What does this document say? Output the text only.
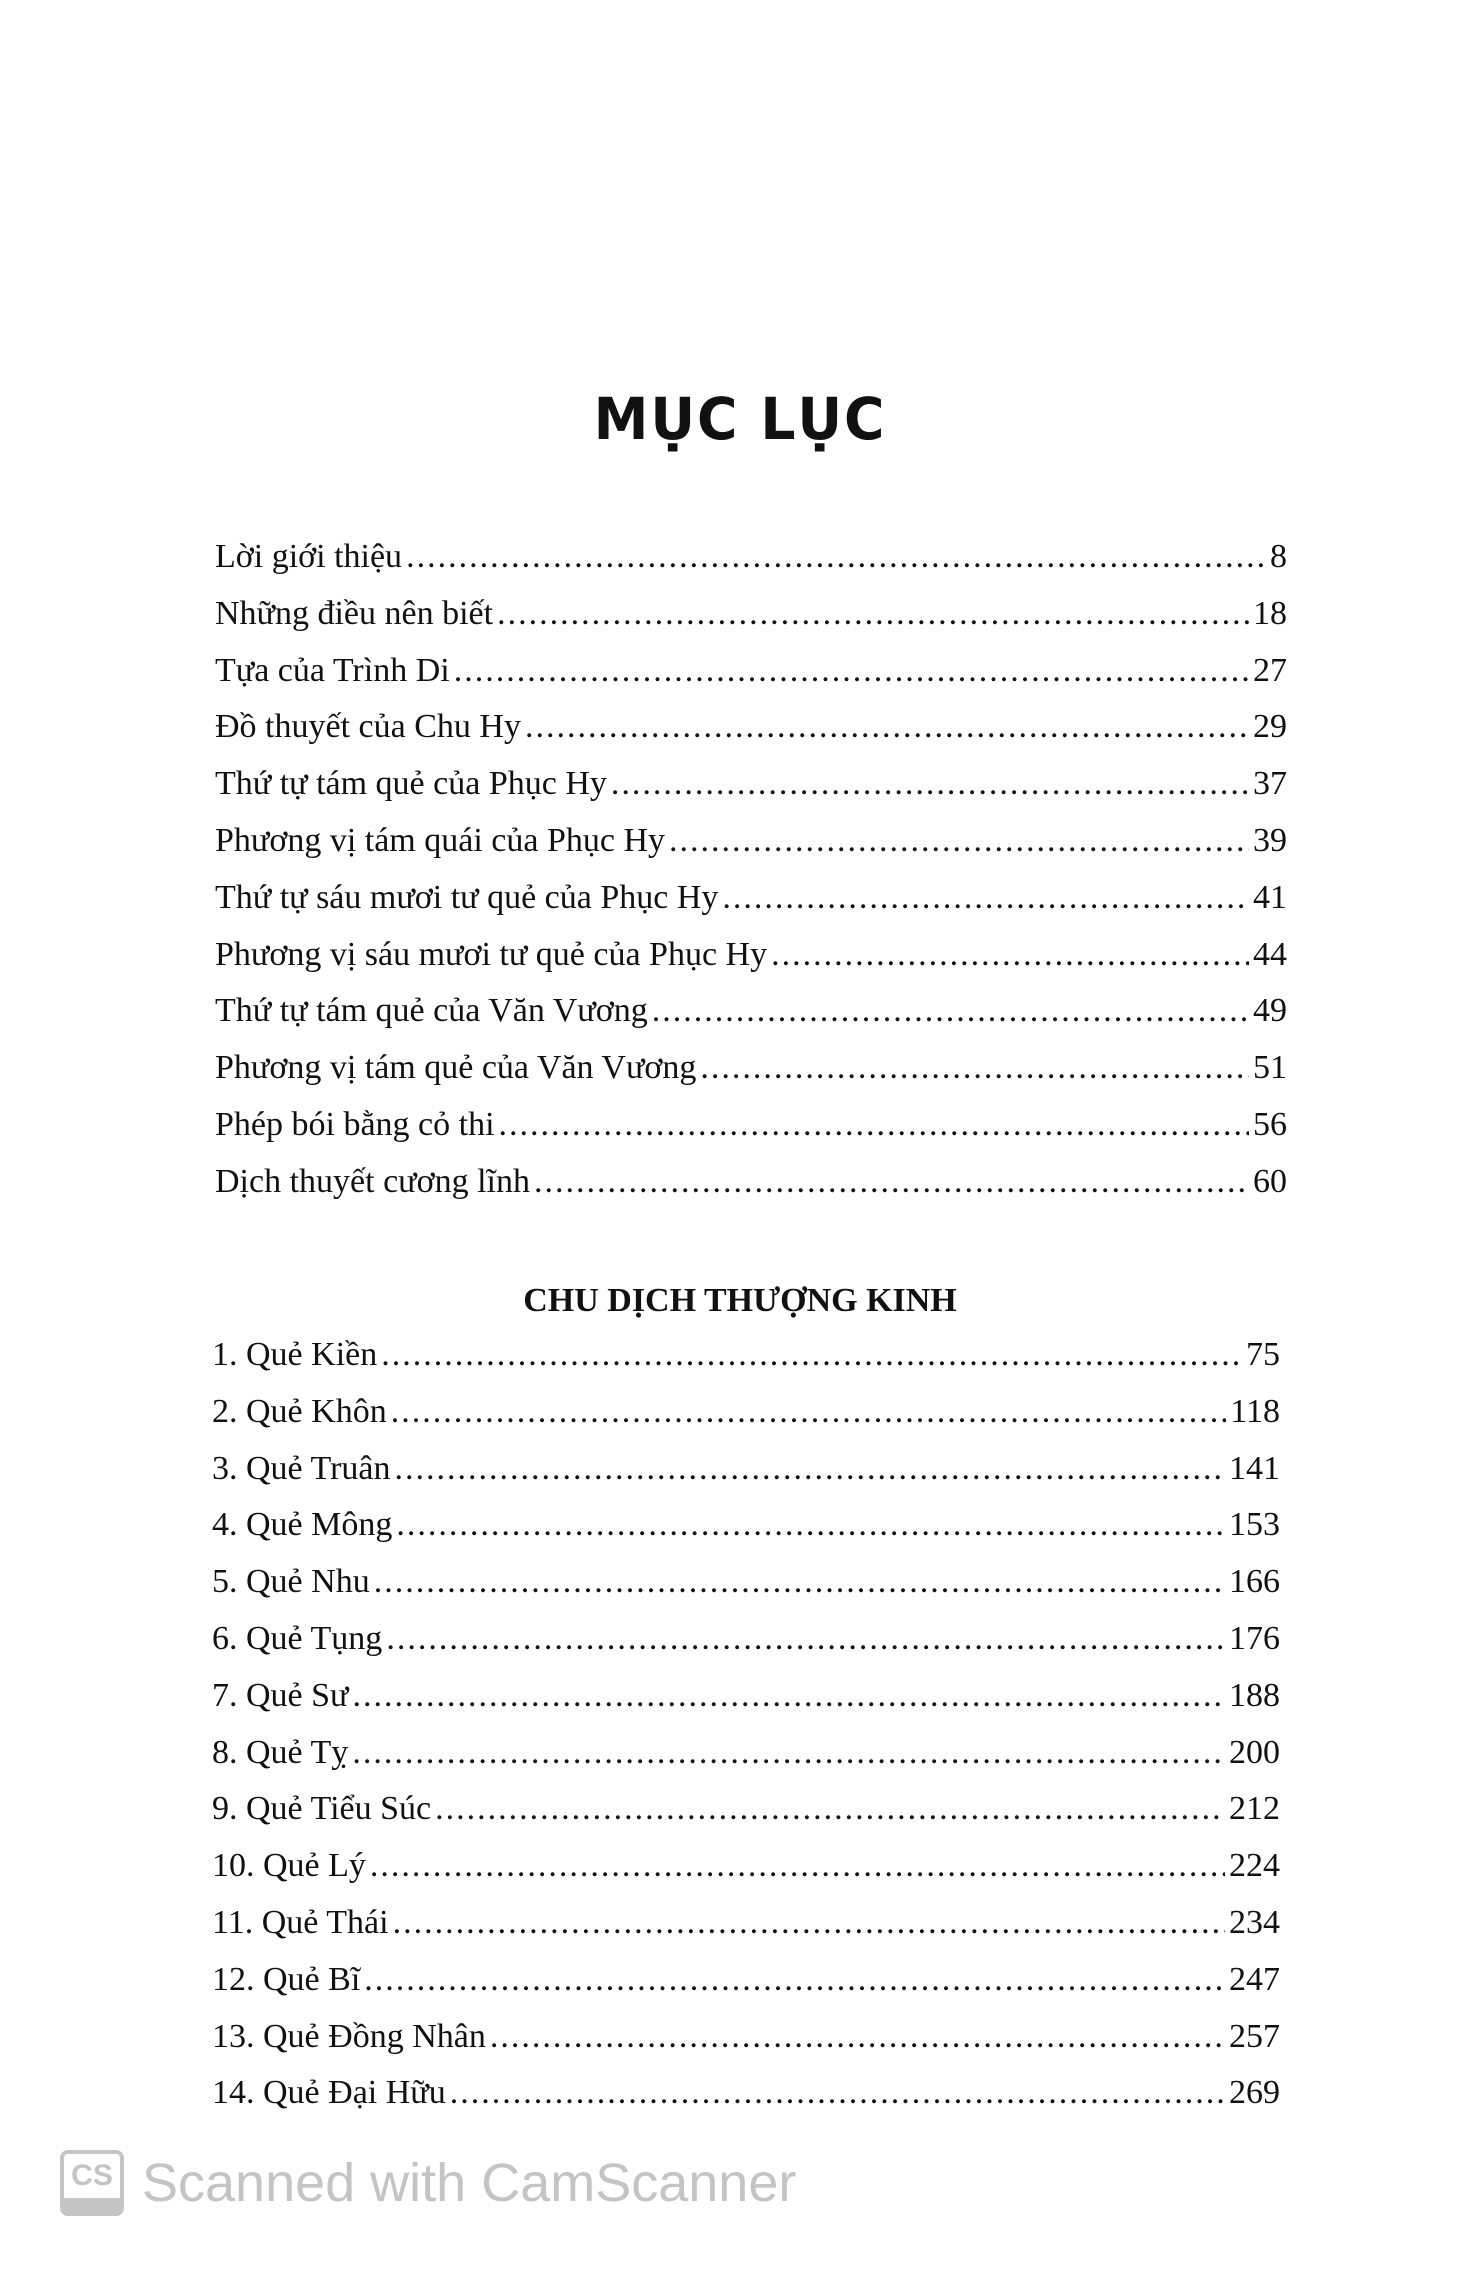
MỤC LỤC
Lời giới thiệu .....	8
Những điều nên biết .....	18
Tựa của Trình Di .....	27
Đồ thuyết của Chu Hy .....	29
Thứ tự tám quẻ của Phục Hy .....	37
Phương vị tám quái của Phục Hy .....	39
Thứ tự sáu mươi tư quẻ của Phục Hy .....	41
Phương vị sáu mươi tư quẻ của Phục Hy .....	44
Thứ tự tám quẻ của Văn Vương .....	49
Phương vị tám quẻ của Văn Vương .....	51
Phép bói bằng cỏ thi .....	56
Dịch thuyết cương lĩnh .....	60
CHU DỊCH THƯỢNG KINH
1. Quẻ Kiền .....	75
2. Quẻ Khôn .....	118
3. Quẻ Truân .....	141
4. Quẻ Mông .....	153
5. Quẻ Nhu .....	166
6. Quẻ Tụng .....	176
7. Quẻ Sư .....	188
8. Quẻ Tỵ .....	200
9. Quẻ Tiểu Súc .....	212
10. Quẻ Lý .....	224
11. Quẻ Thái .....	234
12. Quẻ Bĩ .....	247
13. Quẻ Đồng Nhân .....	257
14. Quẻ Đại Hữu .....	269
CS Scanned with CamScanner
